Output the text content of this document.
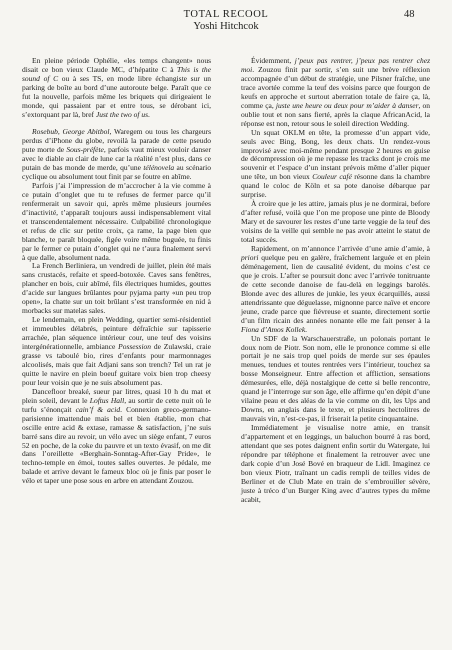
TOTAL RECOOL
Yoshi Hitchcok
48

En pleine période Ophélie, «les temps changent» nous disait ce bon vieux Claude MC, d’hépatite C à This is the sound of C ou à ses TS, en mode libre échangiste sur un parking de boîte au bord d’une autoroute belge. Paraît que ce fut la nouvelle, parfois même les briquets qui dirigeaient le monde, qui passaient par et entre tous, se dérobant ici, s’extorquant par là, bref Just the two of us.

Rosebub, George Abitbol, Waregem ou tous les chargeurs perdus d’iPhone du globe, revoilà la parade de cette pseudo pute morte de Sous-préfète, parfois vaut mieux vouloir danser avec le diable au clair de lune car la réalité n’est plus, dans ce putain de bas monde de merde, qu’une télénovela au scénario cyclique ou absolument tout finit par se foutre en abîme.

Parfois j’ai l’impression de m’accrocher à la vie comme à ce putain d’onglet que tu te refuses de fermer parce qu’il renfermerait un savoir qui, après même plusieurs journées d’inactivité, t’apparaît toujours aussi indispensablement vital et transcendentalement nécessaire. Culpabilité chronologique et refus de clic sur petite croix, ça rame, la page bien que blanche, te paraît bloquée, figée voire même buguée, tu finis par le fermer ce putain d’onglet qui ne t’aura finalement servi à que dalle, absolument nada.

La French Berliniera, un vendredi de juillet, plein été mais sans crustacés, refaite et speed-botoxée. Caves sans fenêtres, plancher en bois, cuir abîmé, fils électriques humides, gouttes d’acide sur langues brûlantes pour pyjama party «un peu trop open», la chatte sur un toit brûlant s’est transformée en nid à morbacks sur matelas sales.

Le lendemain, en plein Wedding, quartier semi-résidentiel et immeubles délabrés, peinture défraîchie sur tapisserie arrachée, plan séquence intérieur cour, une teuf des voisins intergénérationnelle, ambiance Possession de Zulawski, craie grasse vs taboulé bio, rires d’enfants pour marmonnages alcoolisés, mais que fait Adjani sans son trench? Tel un rat je quitte le navire en plein boeuf guitare voix bien trop cheesy pour leur voisin que je ne suis absolument pas.

Dancefloor breaké, sueur par litres, quasi 10 h du mat et plein soleil, devant le Loftus Hall, au sortir de cette nuit où le turfu s’énonçait cain’f & acid. Connexion greco-germano-parisienne imattendue mais bel et bien établie, mon chat oscille entre acid & extase, ramasse & satisfaction, j’ne suis barré sans dire au revoir, un vélo avec un siège enfant, 7 euros 52 en poche, de la coke du pauvre et un texto évasif, on me dit dans l’oreillette «Berghain-Sonntag-After-Gay Pride», le techno-temple en émoi, toutes salles ouvertes. Je pédale, me balade et arrive devant le fameux bloc où je finis par poser le vélo et taper une pose sous en arbre en attendant Zouzou.

Évidemment, j’peux pas rentrer, j’peux pas rentrer chez moi. Zouzou finit par sortir, s’en suit une brève réflexion accompagnée d’un début de stratégie, une Pilsner fraîche, une trace avortée comme la teuf des voisins parce que fourgon de keufs en approche et surtout aberration totale de faire ça, là, comme ça, juste une heure ou deux pour m’aider à danser, on oublie tout et non sans fierté, après la claque AfricanAcid, la réponse est non, retour sous le soleil direction Wedding.

Un squat OKLM en tête, la promesse d’un appart vide, seuls avec Bing, Bong, les deux chats. Un rendez-vous improvisé avec moi-même pendant presque 2 heures en guise de décompression où je me repasse les tracks dont je crois me souvenir et l’espace d’un instant prévois même d’aller piquer une tête, un bon vieux Couleur café résonne dans la chambre quand le coloc de Köln et sa pote danoise débarque par surprise.

À croire que je les attire, jamais plus je ne dormirai, before d’after refusé, voilà que l’on me propose une pinte de Bloody Mary et de savourer les restes d’une tarte veggie de la teuf des voisins de la veille qui semble ne pas avoir atteint le statut de total succès.

Rapidement, on m’annonce l’arrivée d’une amie d’amie, à priori quelque peu en galère, fraîchement larguée et en plein déménagement, lien de causalité évident, du moins c’est ce que je crois. L’after se poursuit donc avec l’arrivée tonitruante de cette seconde danoise de fau-delà en leggings barolés. Blonde avec des allures de junkie, les yeux écarquillés, aussi attendrissante que déguelasse, mignonne parce naïve et encore jeune, crade parce que fiévreuse et suante, directement sortie d’un film ricain des années nonante elle me fait penser à la Fiona d’Amos Kollek.

Un SDF de la Warschauerstraße, un polonais portant le doux nom de Piotr. Son nom, elle le prononce comme si elle portait je ne sais trop quel poids de merde sur ses épaules menues, tendues et toutes rentrées vers l’intérieur, touchez sa bosse Monseigneur. Entre affection et affliction, sensations démesurées, elle, déjà nostalgique de cette si belle rencontre, quand je l’interroge sur son âge, elle affirme qu’en dépit d’une vilaine peau et des aléas de la vie comme on dit, les Ups and Downs, en anglais dans le texte, et plusieurs hectolitres de mauvais vin, n’est-ce-pas, il friserait la petite cinquantaine.

Immédiatement je visualise notre amie, en transit d’appartement et en leggings, un baluchon bourré à ras bord, attendant que ses potes daignent enfin sortir du Watergate, lui répondre par téléphone et finalement la retrouver avec une dark copie d’un José Bové en braqueur de Lidl. Imaginez ce bon vieux Piotr, traînant un cadis rempli de teilles vides de Berliner et de Club Mate en train de s’embrouiller sévère, juste à tréco d’un Burger King avec d’autres types du même acabit,
